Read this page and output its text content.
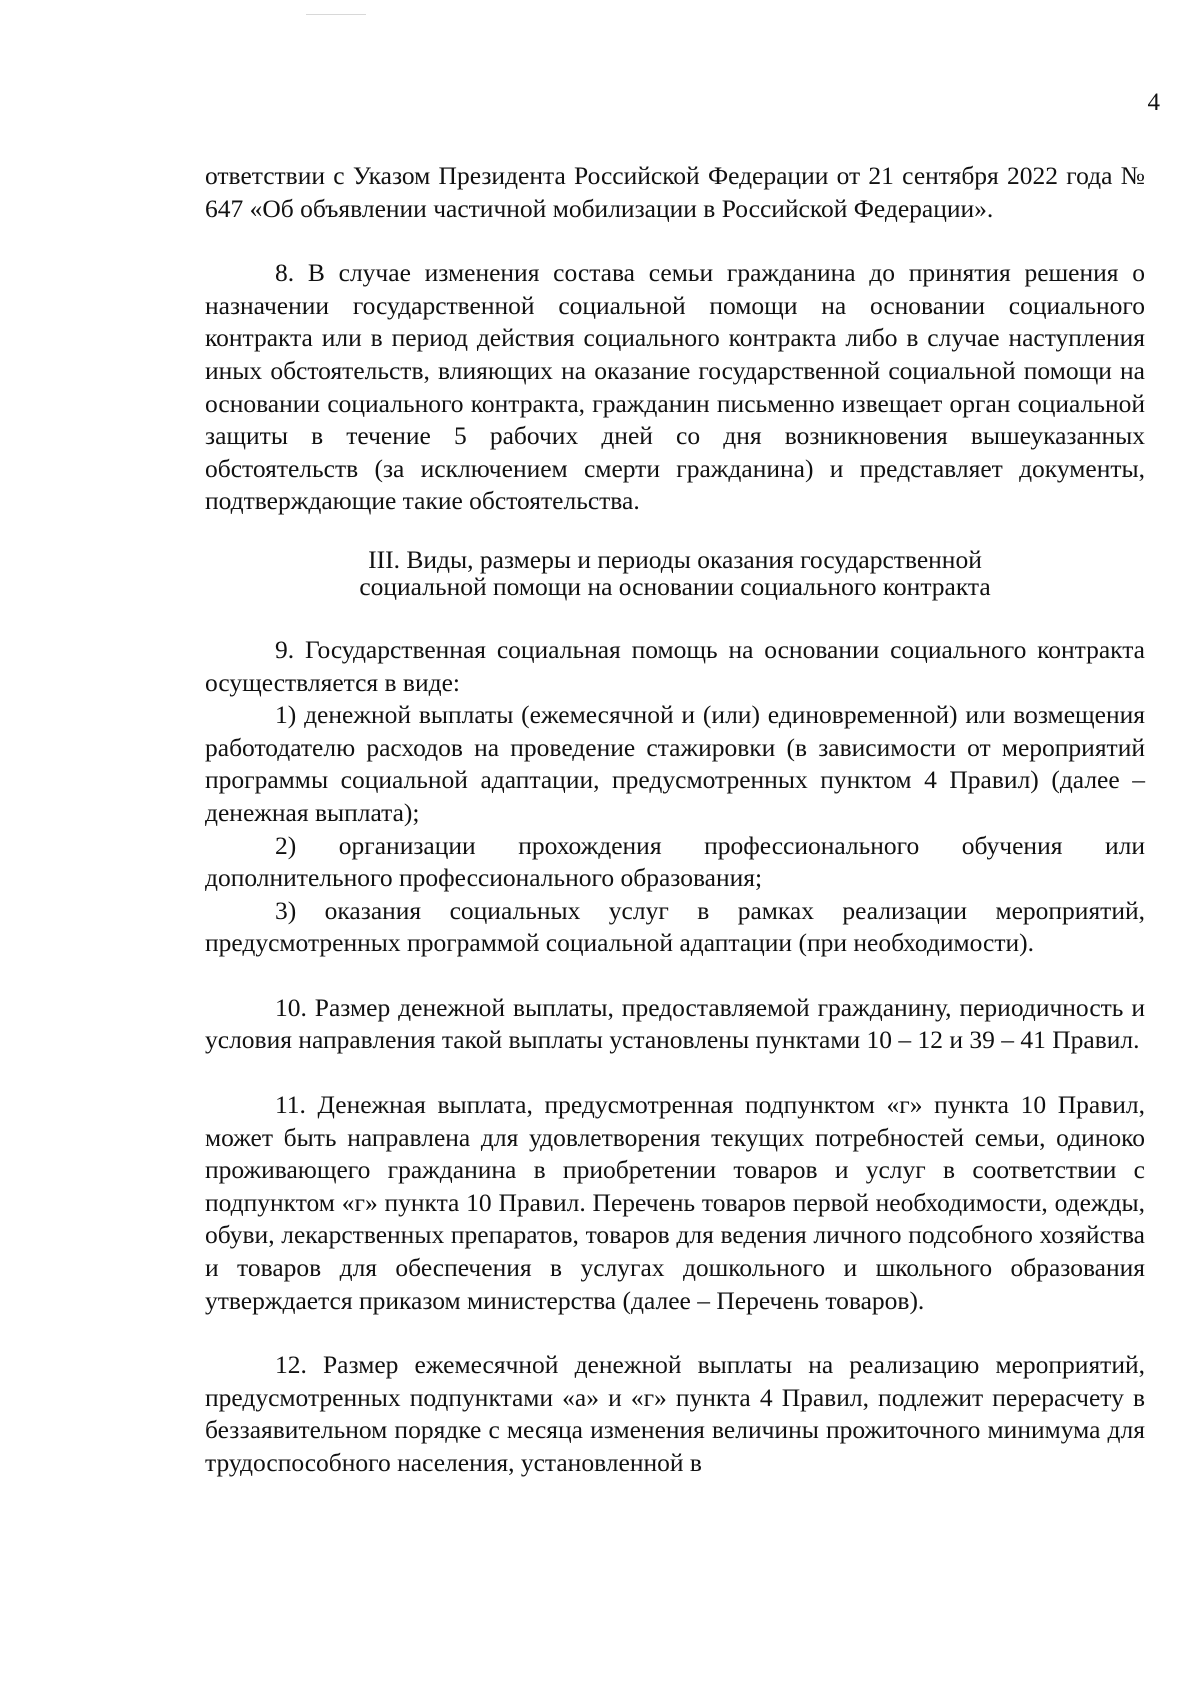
4

ответствии с Указом Президента Российской Федерации от 21 сентября 2022 года № 647 «Об объявлении частичной мобилизации в Российской Федерации».

8. В случае изменения состава семьи гражданина до принятия решения о назначении государственной социальной помощи на основании социального контракта или в период действия социального контракта либо в случае наступления иных обстоятельств, влияющих на оказание государственной социальной помощи на основании социального контракта, гражданин письменно извещает орган социальной защиты в течение 5 рабочих дней со дня возникновения вышеуказанных обстоятельств (за исключением смерти гражданина) и представляет документы, подтверждающие такие обстоятельства.

III. Виды, размеры и периоды оказания государственной
социальной помощи на основании социального контракта

9. Государственная социальная помощь на основании социального контракта осуществляется в виде:

1) денежной выплаты (ежемесячной и (или) единовременной) или возмещения работодателю расходов на проведение стажировки (в зависимости от мероприятий программы социальной адаптации, предусмотренных пунктом 4 Правил) (далее – денежная выплата);

2) организации прохождения профессионального обучения или дополнительного профессионального образования;

3) оказания социальных услуг в рамках реализации мероприятий, предусмотренных программой социальной адаптации (при необходимости).

10. Размер денежной выплаты, предоставляемой гражданину, периодичность и условия направления такой выплаты установлены пунктами 10 – 12 и 39 – 41 Правил.

11. Денежная выплата, предусмотренная подпунктом «г» пункта 10 Правил, может быть направлена для удовлетворения текущих потребностей семьи, одиноко проживающего гражданина в приобретении товаров и услуг в соответствии с подпунктом «г» пункта 10 Правил. Перечень товаров первой необходимости, одежды, обуви, лекарственных препаратов, товаров для ведения личного подсобного хозяйства и товаров для обеспечения в услугах дошкольного и школьного образования утверждается приказом министерства (далее – Перечень товаров).

12. Размер ежемесячной денежной выплаты на реализацию мероприятий, предусмотренных подпунктами «а» и «г» пункта 4 Правил, подлежит перерасчету в беззаявительном порядке с месяца изменения величины прожиточного минимума для трудоспособного населения, установленной в
